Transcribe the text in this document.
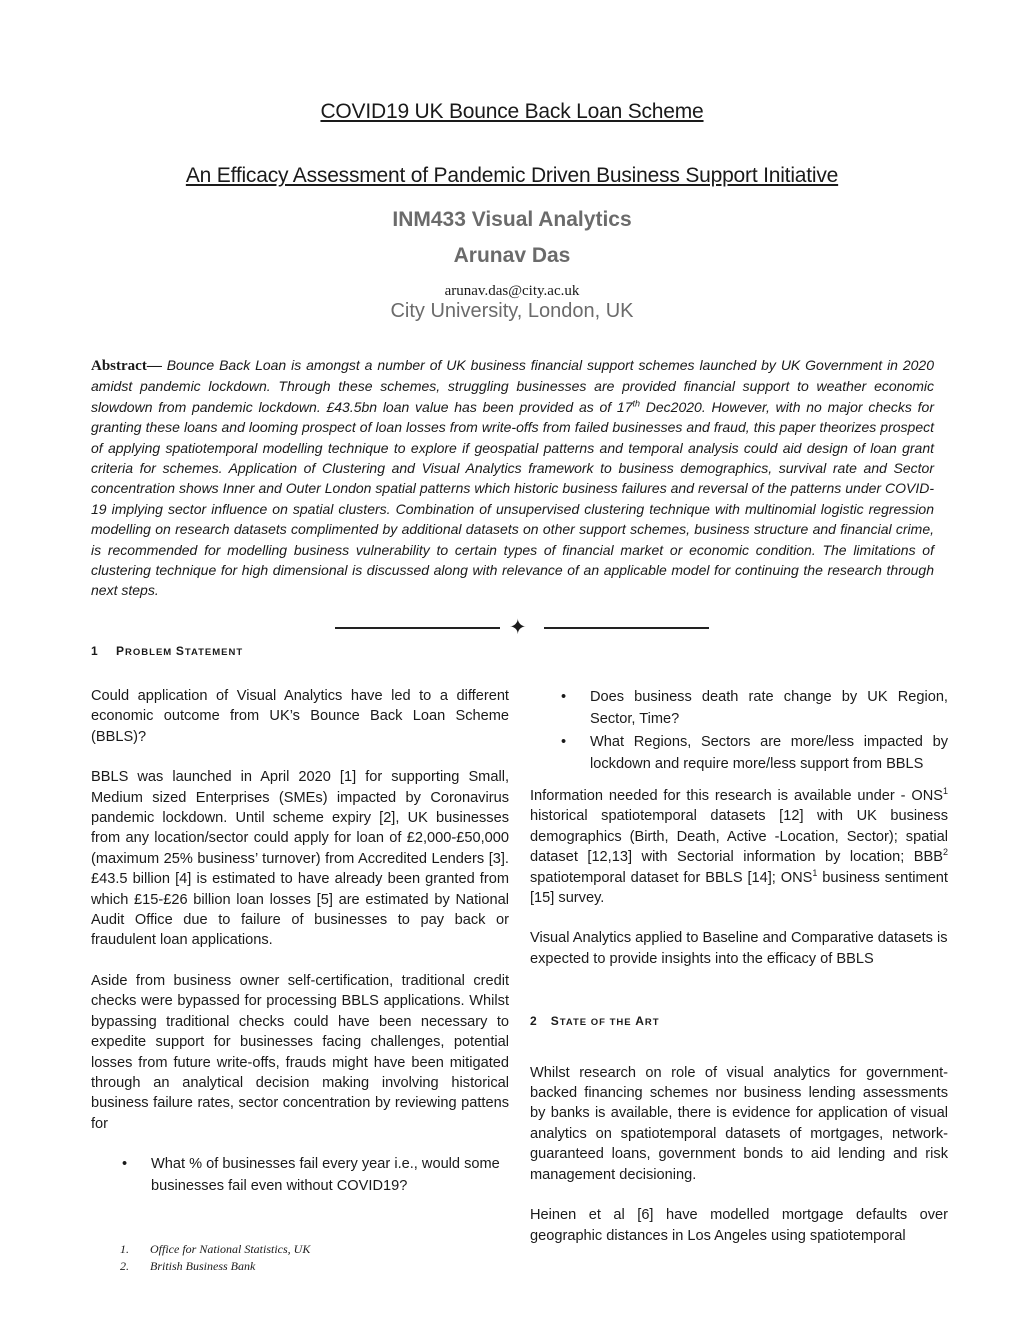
COVID19 UK Bounce Back Loan Scheme
An Efficacy Assessment of Pandemic Driven Business Support Initiative
INM433 Visual Analytics
Arunav Das
arunav.das@city.ac.uk
City University, London, UK
Abstract— Bounce Back Loan is amongst a number of UK business financial support schemes launched by UK Government in 2020 amidst pandemic lockdown. Through these schemes, struggling businesses are provided financial support to weather economic slowdown from pandemic lockdown. £43.5bn loan value has been provided as of 17th Dec2020. However, with no major checks for granting these loans and looming prospect of loan losses from write-offs from failed businesses and fraud, this paper theorizes prospect of applying spatiotemporal modelling technique to explore if geospatial patterns and temporal analysis could aid design of loan grant criteria for schemes. Application of Clustering and Visual Analytics framework to business demographics, survival rate and Sector concentration shows Inner and Outer London spatial patterns which historic business failures and reversal of the patterns under COVID-19 implying sector influence on spatial clusters. Combination of unsupervised clustering technique with multinomial logistic regression modelling on research datasets complimented by additional datasets on other support schemes, business structure and financial crime, is recommended for modelling business vulnerability to certain types of financial market or economic condition. The limitations of clustering technique for high dimensional is discussed along with relevance of an applicable model for continuing the research through next steps.
✦
1 PROBLEM STATEMENT

Could application of Visual Analytics have led to a different economic outcome from UK’s Bounce Back Loan Scheme (BBLS)?

BBLS was launched in April 2020 [1] for supporting Small, Medium sized Enterprises (SMEs) impacted by Coronavirus pandemic lockdown. Until scheme expiry [2], UK businesses from any location/sector could apply for loan of £2,000-£50,000 (maximum 25% business’ turnover) from Accredited Lenders [3]. £43.5 billion [4] is estimated to have already been granted from which £15-£26 billion loan losses [5] are estimated by National Audit Office due to failure of businesses to pay back or fraudulent loan applications.

Aside from business owner self-certification, traditional credit checks were bypassed for processing BBLS applications. Whilst bypassing traditional checks could have been necessary to expedite support for businesses facing challenges, potential losses from future write-offs, frauds might have been mitigated through an analytical decision making involving historical business failure rates, sector concentration by reviewing pattens for

• What % of businesses fail every year i.e., would some businesses fail even without COVID19?
• Does business death rate change by UK Region, Sector, Time?
• What Regions, Sectors are more/less impacted by lockdown and require more/less support from BBLS

Information needed for this research is available under - ONS$^1$ historical spatiotemporal datasets [12] with UK business demographics (Birth, Death, Active -Location, Sector); spatial dataset [12,13] with Sectorial information by location; BBB$^2$ spatiotemporal dataset for BBLS [14]; ONS$^1$ business sentiment [15] survey.

Visual Analytics applied to Baseline and Comparative datasets is expected to provide insights into the efficacy of BBLS

2 STATE OF THE ART

Whilst research on role of visual analytics for government-backed financing schemes nor business lending assessments by banks is available, there is evidence for application of visual analytics on spatiotemporal datasets of mortgages, network-guaranteed loans, government bonds to aid lending and risk management decisioning.

Heinen et al [6] have modelled mortgage defaults over geographic distances in Los Angeles using spatiotemporal

1. Office for National Statistics, UK
2. British Business Bank
